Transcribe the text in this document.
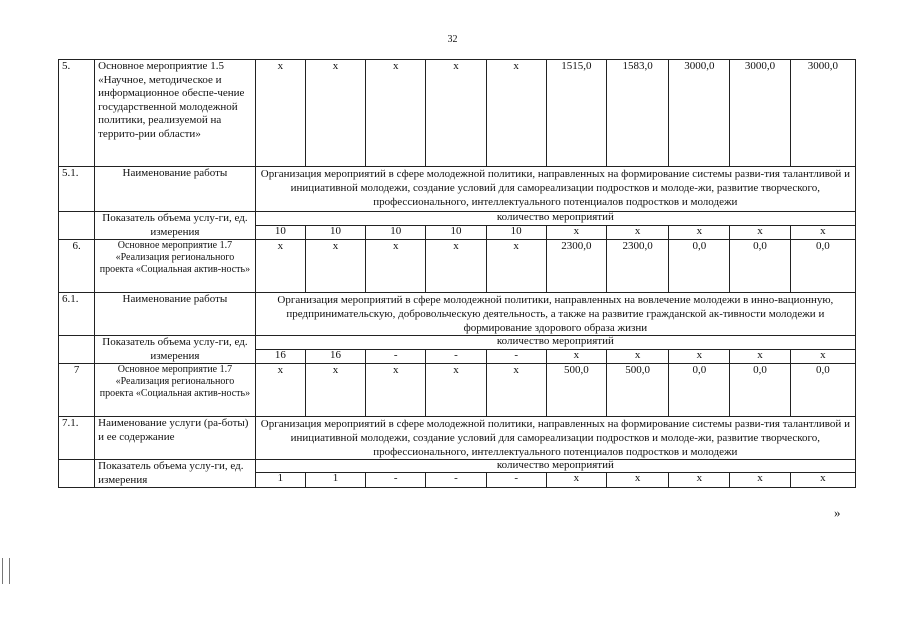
32
5.	Основное мероприятие 1.5 «Научное, методическое и информационное обеспе-чение государственной молодежной политики, реализуемой на террито-рии области»	х	х	х	х	х	1515,0	1583,0	3000,0	3000,0	3000,0
5.1.	Наименование работы	Организация мероприятий в сфере молодежной политики, направленных на формирование системы разви-тия талантливой и инициативной молодежи, создание условий для самореализации подростков и молоде-жи, развитие творческого, профессионального, интеллектуального потенциалов подростков и молодежи									
	Показатель объема услу-ги, ед. измерения	количество мероприятий									
		10	10	10	10	10	х	х	х	х	х
6.	Основное мероприятие 1.7 «Реализация регионального проекта «Социальная актив-ность»	х	х	х	х	х	2300,0	2300,0	0,0	0,0	0,0
6.1.	Наименование работы	Организация мероприятий в сфере молодежной политики, направленных на вовлечение молодежи в инно-вационную, предпринимательскую, добровольческую деятельность, а также на развитие гражданской ак-тивности молодежи и формирование здорового образа жизни									
	Показатель объема услу-ги, ед. измерения	количество мероприятий									
		16	16	-	-	-	х	х	х	х	х
7	Основное мероприятие 1.7 «Реализация регионального проекта «Социальная актив-ность»	х	х	х	х	х	500,0	500,0	0,0	0,0	0,0
7.1.	Наименование услуги (ра-боты) и ее содержание	Организация мероприятий в сфере молодежной политики, направленных на формирование системы разви-тия талантливой и инициативной молодежи, создание условий для самореализации подростков и молоде-жи, развитие творческого, профессионального, интеллектуального потенциалов подростков и молодежи									
	Показатель объема услу-ги, ед. измерения	количество мероприятий									
		1	1	-	-	-	х	х	х	х	х
»
